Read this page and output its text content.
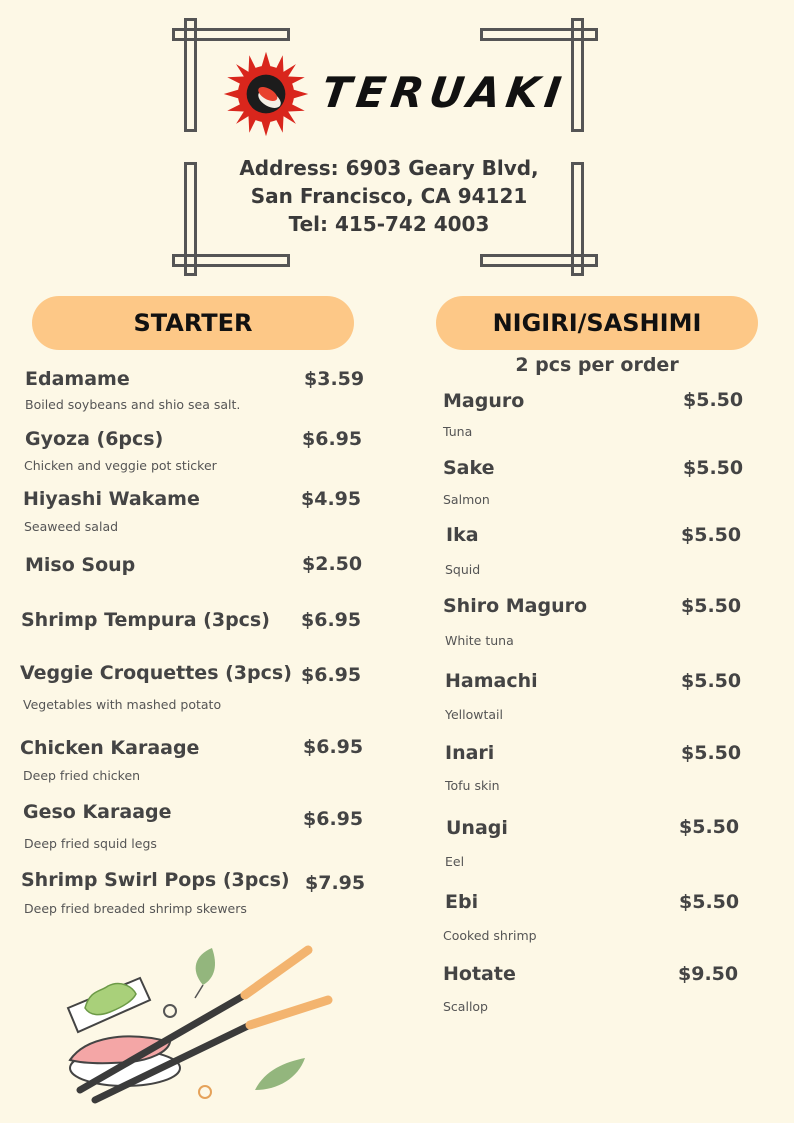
TERUAKI
Address: 6903 Geary Blvd,
San Francisco, CA 94121
Tel: 415-742 4003
STARTER	NIGIRI/SASHIMI
2 pcs per order
Edamame	$3.59
Boiled soybeans and shio sea salt.
Gyoza (6pcs)	$6.95
Chicken and veggie pot sticker
Hiyashi Wakame	$4.95
Seaweed salad
Miso Soup	$2.50
Shrimp Tempura (3pcs) $6.95
Veggie Croquettes (3pcs) $6.95
Vegetables with mashed potato
Chicken Karaage	$6.95
Deep fried chicken
Geso Karaage	$6.95
Deep fried squid legs
Shrimp Swirl Pops (3pcs) $7.95
Deep fried breaded shrimp skewers
Maguro	$5.50
Tuna
Sake	$5.50
Salmon
Ika	$5.50
Squid
Shiro Maguro	$5.50
White tuna
Hamachi	$5.50
Yellowtail
Inari	$5.50
Tofu skin
Unagi	$5.50
Eel
Ebi	$5.50
Cooked shrimp
Hotate	$9.50
Scallop
